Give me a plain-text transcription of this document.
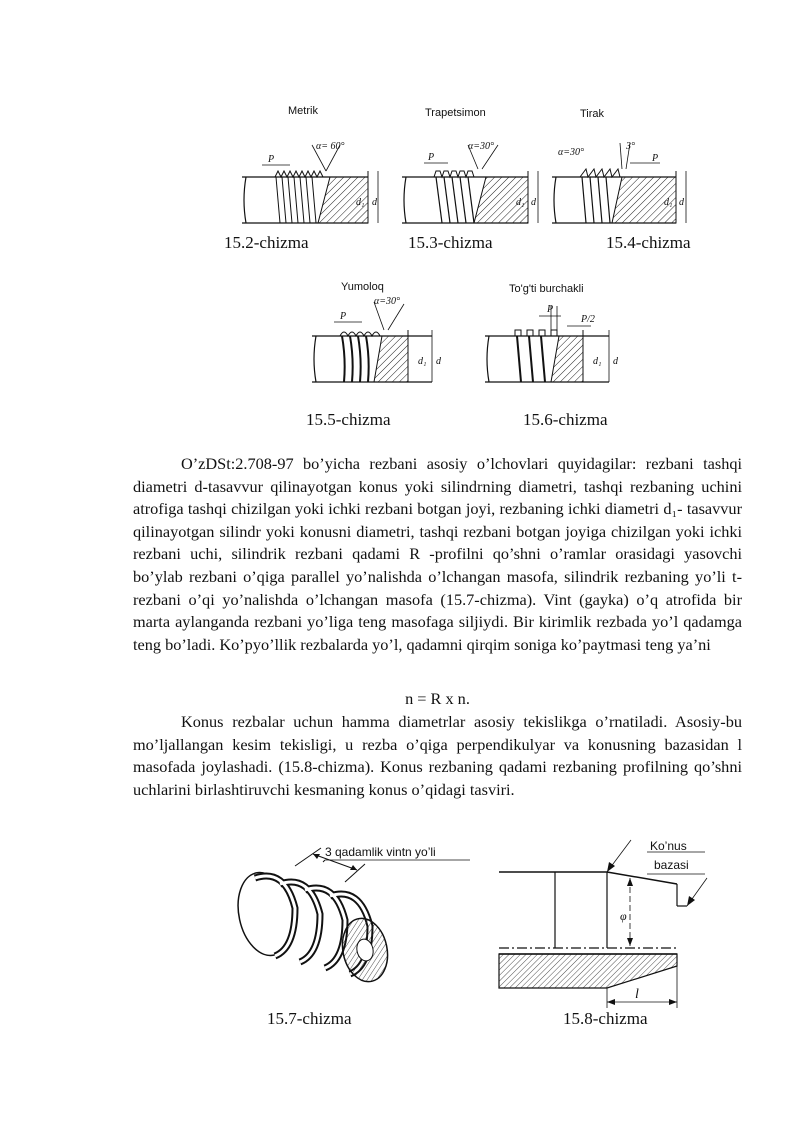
Metrik	Trapetsimon	Tirak
α= 60°
P
d₁ d
α=30°
P
d₁ d
α=30°
3°
P
d₁ d
15.2-chizma	15.3-chizma	15.4-chizma
Yumoloq	To'g'ti burchakli
α=30°
P
d₁ d
P
P/2
d₁ d
15.5-chizma	15.6-chizma
O’zDSt:2.708-97 bo’yicha rezbani asosiy o’lchovlari quyidagilar: rezbani tashqi diametri d-tasavvur qilinayotgan konus yoki silindrning diametri, tashqi rezbaning uchini atrofiga tashqi chizilgan yoki ichki rezbani botgan joyi, rezbaning ichki diametri d₁- tasavvur qilinayotgan silindr yoki konusni diametri, tashqi rezbani botgan joyiga chizilgan yoki ichki rezbani uchi, silindrik rezbani qadami R -profilni qo’shni o’ramlar orasidagi yasovchi bo’ylab rezbani o’qiga parallel yo’nalishda o’lchangan masofa, silindrik rezbaning yo’li t-rezbani o’qi yo’nalishda o’lchangan masofa (15.7-chizma). Vint (gayka) o’q atrofida bir marta aylanganda rezbani yo’liga teng masofaga siljiydi. Bir kirimlik rezbada yo’l qadamga teng bo’ladi. Ko’pyo’llik rezbalarda yo’l, qadamni qirqim soniga ko’paytmasi teng ya’ni
n = R x n.
Konus rezbalar uchun hamma diametrlar asosiy tekislikga o’rnatiladi. Asosiy-bu mo’ljallangan kesim tekisligi, u rezba o’qiga perpendikulyar va konusning bazasidan l masofada joylashadi. (15.8-chizma). Konus rezbaning qadami rezbaning profilning qo’shni uchlarini birlashtiruvchi kesmaning konus o’qidagi tasviri.
3 qadamlik vintn yo’li
φ
l
Ko’nus
bazasi
15.7-chizma	15.8-chizma
